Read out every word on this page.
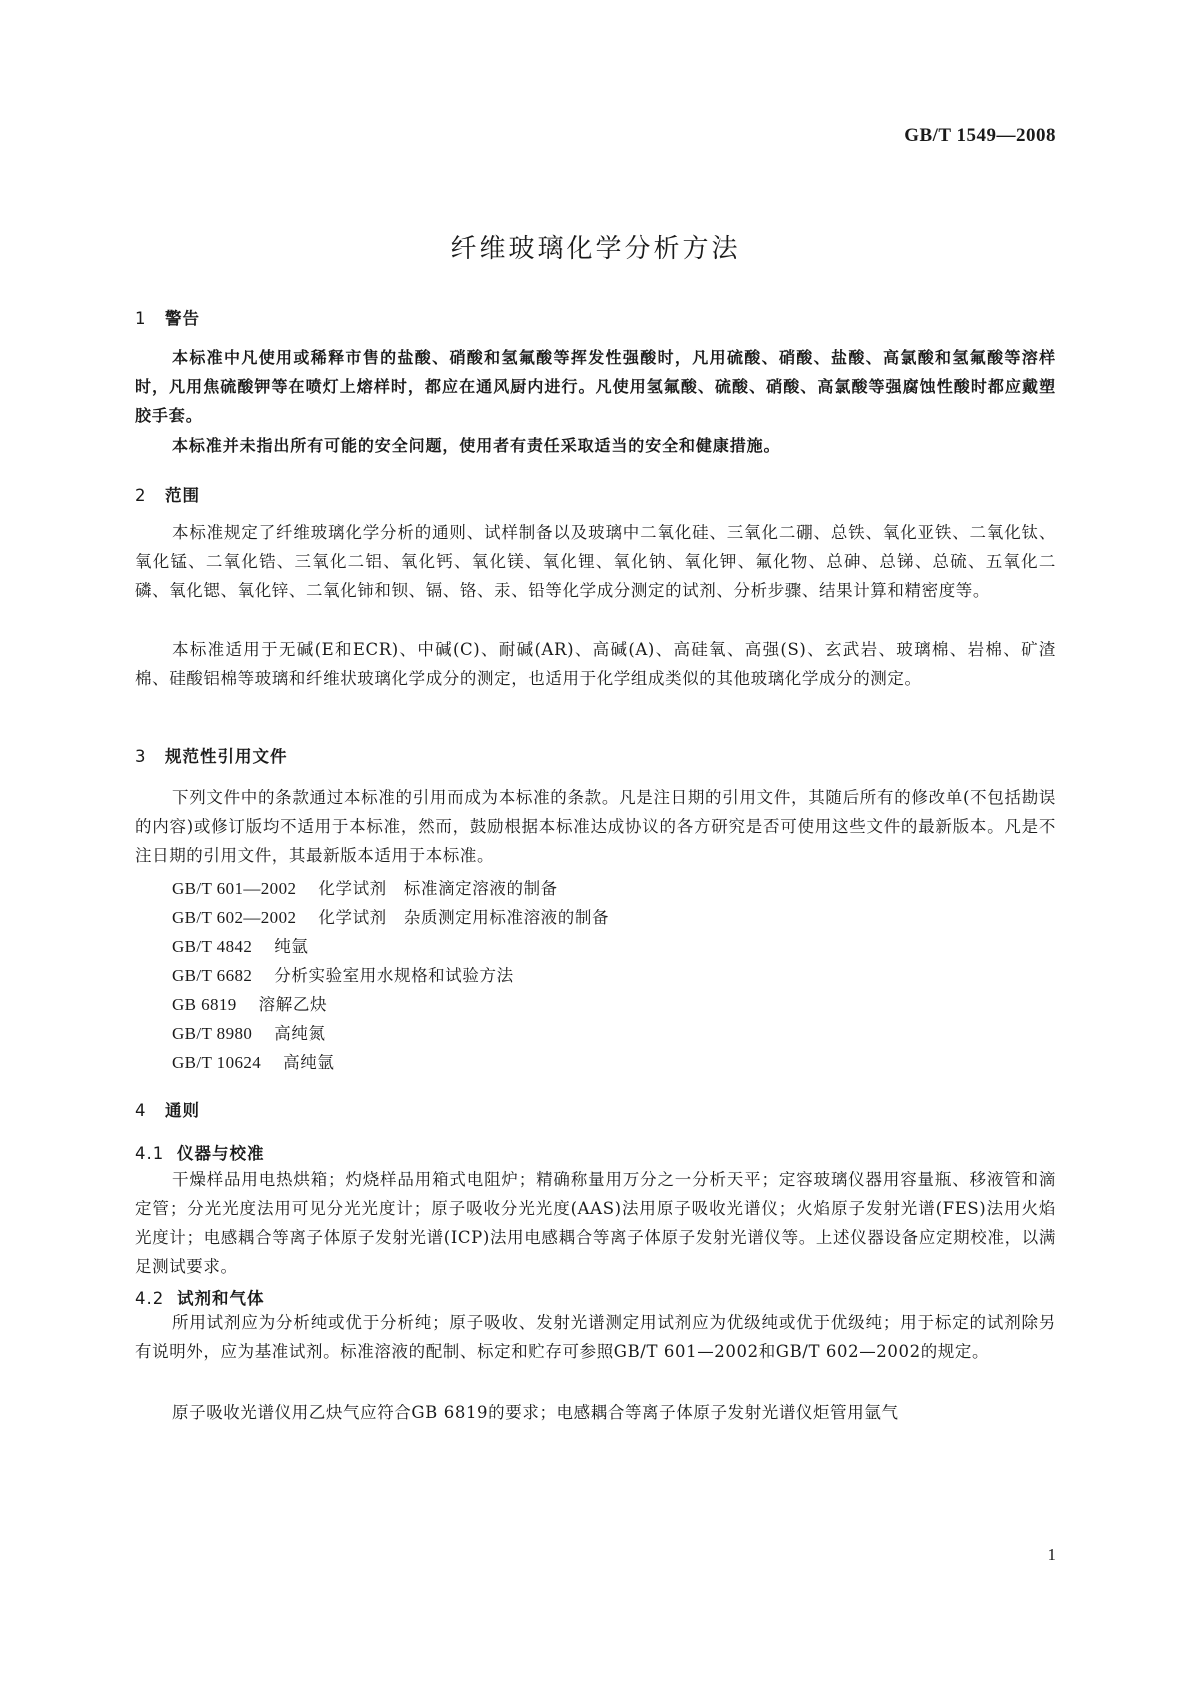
GB/T 1549—2008
纤维玻璃化学分析方法
1 警告
本标准中凡使用或稀释市售的盐酸、硝酸和氢氟酸等挥发性强酸时，凡用硫酸、硝酸、盐酸、高氯酸和氢氟酸等溶样时，凡用焦硫酸钾等在喷灯上熔样时，都应在通风厨内进行。凡使用氢氟酸、硫酸、硝酸、高氯酸等强腐蚀性酸时都应戴塑胶手套。
本标准并未指出所有可能的安全问题，使用者有责任采取适当的安全和健康措施。
2 范围
本标准规定了纤维玻璃化学分析的通则、试样制备以及玻璃中二氧化硅、三氧化二硼、总铁、氧化亚铁、二氧化钛、氧化锰、二氧化锆、三氧化二铝、氧化钙、氧化镁、氧化锂、氧化钠、氧化钾、氟化物、总砷、总锑、总硫、五氧化二磷、氧化锶、氧化锌、二氧化铈和钡、镉、铬、汞、铅等化学成分测定的试剂、分析步骤、结果计算和精密度等。
本标准适用于无碱(E和ECR)、中碱(C)、耐碱(AR)、高碱(A)、高硅氧、高强(S)、玄武岩、玻璃棉、岩棉、矿渣棉、硅酸铝棉等玻璃和纤维状玻璃化学成分的测定，也适用于化学组成类似的其他玻璃化学成分的测定。
3 规范性引用文件
下列文件中的条款通过本标准的引用而成为本标准的条款。凡是注日期的引用文件，其随后所有的修改单(不包括勘误的内容)或修订版均不适用于本标准，然而，鼓励根据本标准达成协议的各方研究是否可使用这些文件的最新版本。凡是不注日期的引用文件，其最新版本适用于本标准。
GB/T 601—2002 化学试剂　标准滴定溶液的制备
GB/T 602—2002 化学试剂　杂质测定用标准溶液的制备
GB/T 4842 纯氩
GB/T 6682 分析实验室用水规格和试验方法
GB 6819 溶解乙炔
GB/T 8980 高纯氮
GB/T 10624 高纯氩
4 通则
4.1 仪器与校准
干燥样品用电热烘箱；灼烧样品用箱式电阻炉；精确称量用万分之一分析天平；定容玻璃仪器用容量瓶、移液管和滴定管；分光光度法用可见分光光度计；原子吸收分光光度(AAS)法用原子吸收光谱仪；火焰原子发射光谱(FES)法用火焰光度计；电感耦合等离子体原子发射光谱(ICP)法用电感耦合等离子体原子发射光谱仪等。上述仪器设备应定期校准，以满足测试要求。
4.2 试剂和气体
所用试剂应为分析纯或优于分析纯；原子吸收、发射光谱测定用试剂应为优级纯或优于优级纯；用于标定的试剂除另有说明外，应为基准试剂。标准溶液的配制、标定和贮存可参照GB/T 601—2002和GB/T 602—2002的规定。
原子吸收光谱仪用乙炔气应符合GB 6819的要求；电感耦合等离子体原子发射光谱仪炬管用氩气
1
